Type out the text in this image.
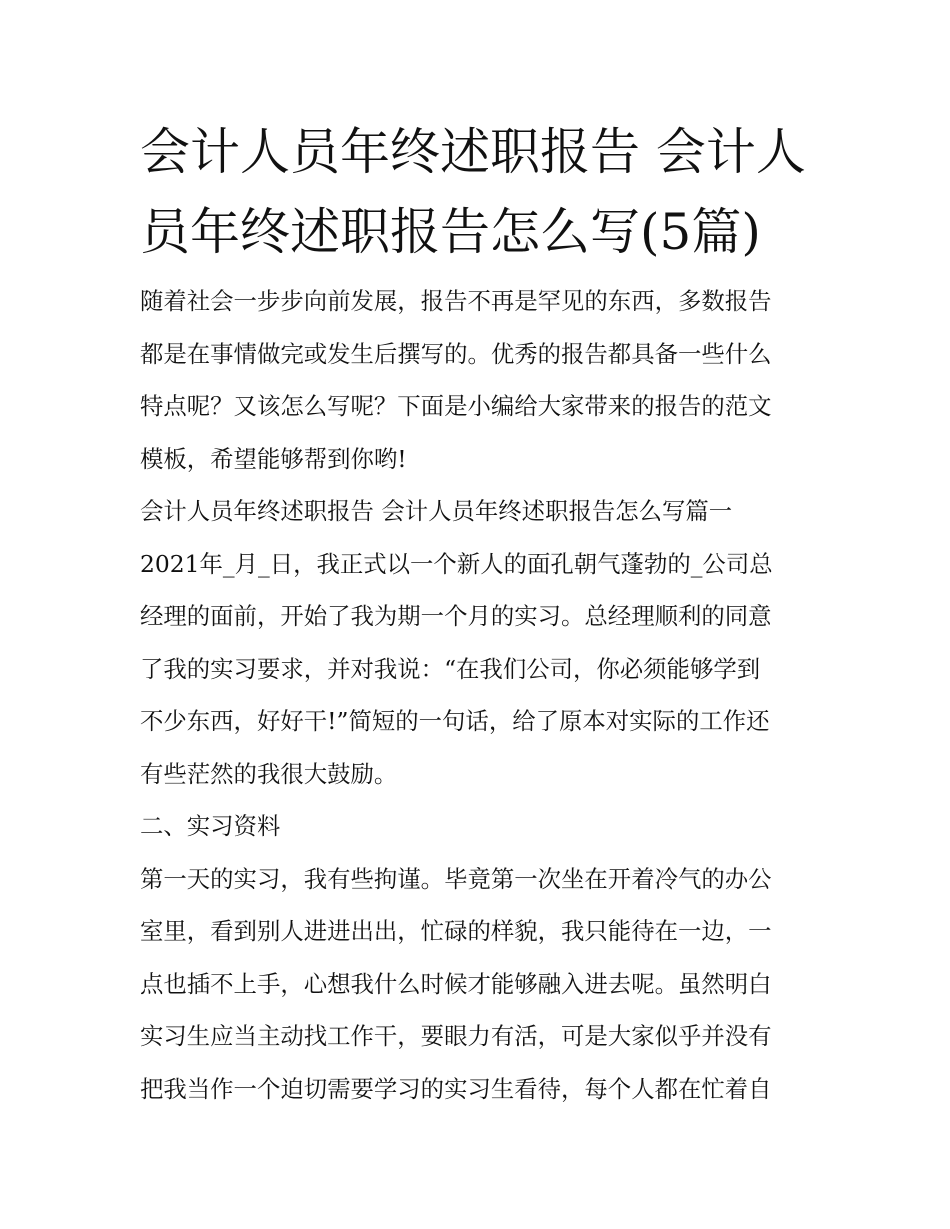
会计人员年终述职报告 会计人
员年终述职报告怎么写(5篇)
随着社会一步步向前发展，报告不再是罕见的东西，多数报告
都是在事情做完或发生后撰写的。优秀的报告都具备一些什么
特点呢？又该怎么写呢？下面是小编给大家带来的报告的范文
模板，希望能够帮到你哟!
会计人员年终述职报告 会计人员年终述职报告怎么写篇一
2021年_月_日，我正式以一个新人的面孔朝气蓬勃的_公司总
经理的面前，开始了我为期一个月的实习。总经理顺利的同意
了我的实习要求，并对我说：“在我们公司，你必须能够学到
不少东西，好好干!”简短的一句话，给了原本对实际的工作还
有些茫然的我很大鼓励。
二、实习资料
第一天的实习，我有些拘谨。毕竟第一次坐在开着冷气的办公
室里，看到别人进进出出，忙碌的样貌，我只能待在一边，一
点也插不上手，心想我什么时候才能够融入进去呢。虽然明白
实习生应当主动找工作干，要眼力有活，可是大家似乎并没有
把我当作一个迫切需要学习的实习生看待，每个人都在忙着自
